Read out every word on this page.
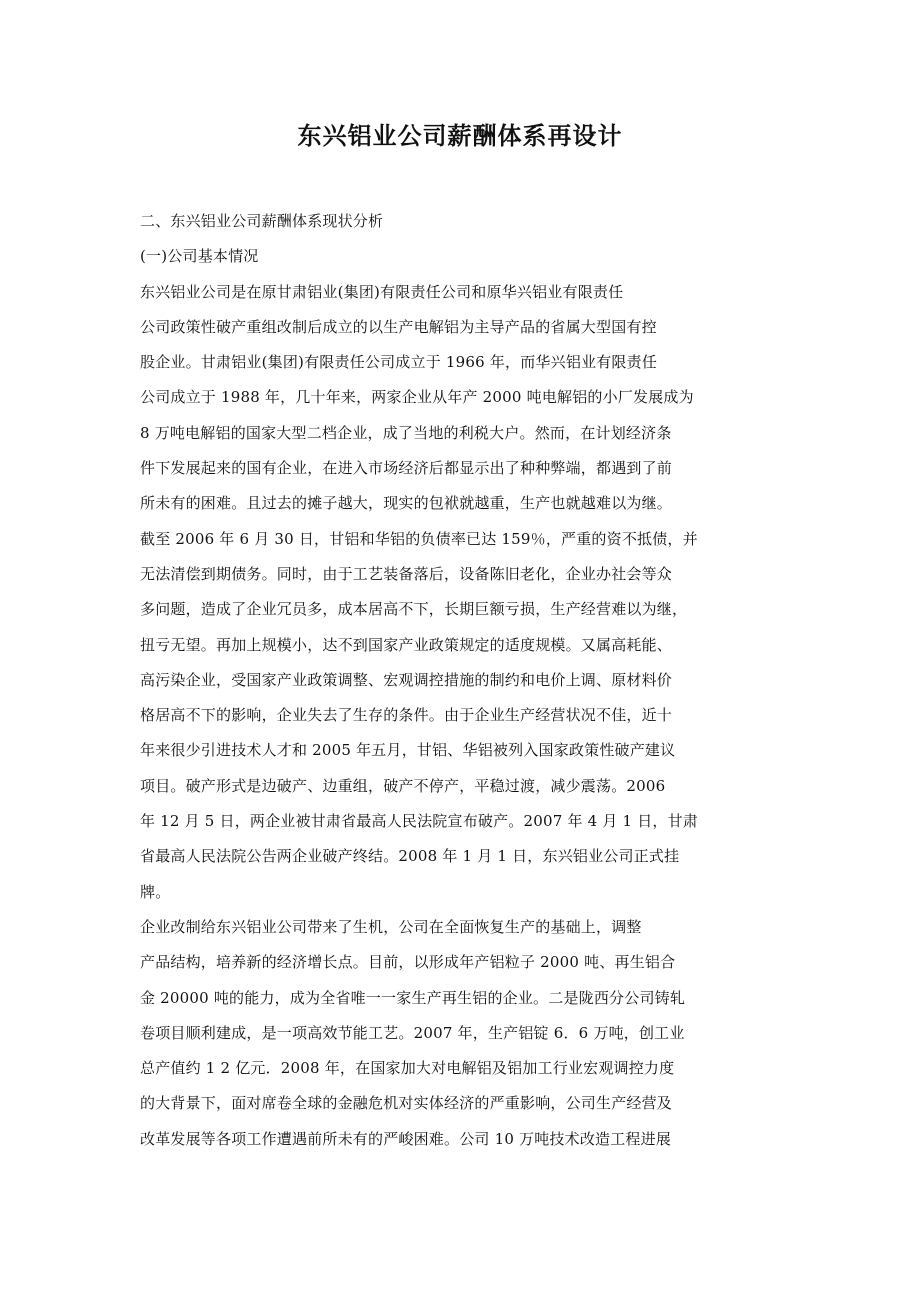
东兴铝业公司薪酬体系再设计
二、东兴铝业公司薪酬体系现状分析
(一)公司基本情况
东兴铝业公司是在原甘肃铝业(集团)有限责任公司和原华兴铝业有限责任
公司政策性破产重组改制后成立的以生产电解铝为主导产品的省属大型国有控
股企业。甘肃铝业(集团)有限责任公司成立于 1966 年，而华兴铝业有限责任
公司成立于 1988 年，几十年来，两家企业从年产 2000 吨电解铝的小厂发展成为
8 万吨电解铝的国家大型二档企业，成了当地的利税大户。然而，在计划经济条
件下发展起来的国有企业，在进入市场经济后都显示出了种种弊端，都遇到了前
所未有的困难。且过去的摊子越大，现实的包袱就越重，生产也就越难以为继。
截至 2006 年 6 月 30 日，甘铝和华铝的负债率已达 159％，严重的资不抵债，并
无法清偿到期债务。同时，由于工艺装备落后，设备陈旧老化，企业办社会等众
多问题，造成了企业冗员多，成本居高不下，长期巨额亏损，生产经营难以为继，
扭亏无望。再加上规模小，达不到国家产业政策规定的适度规模。又属高耗能、
高污染企业，受国家产业政策调整、宏观调控措施的制约和电价上调、原材料价
格居高不下的影响，企业失去了生存的条件。由于企业生产经营状况不佳，近十
年来很少引进技术人才和 2005 年五月，甘铝、华铝被列入国家政策性破产建议
项目。破产形式是边破产、边重组，破产不停产，平稳过渡，减少震荡。2006
年 12 月 5 日，两企业被甘肃省最高人民法院宣布破产。2007 年 4 月 1 日，甘肃
省最高人民法院公告两企业破产终结。2008 年 1 月 1 日，东兴铝业公司正式挂
牌。
企业改制给东兴铝业公司带来了生机，公司在全面恢复生产的基础上，调整
产品结构，培养新的经济增长点。目前，以形成年产铝粒子 2000 吨、再生铝合
金 20000 吨的能力，成为全省唯一一家生产再生铝的企业。二是陇西分公司铸轧
卷项目顺利建成，是一项高效节能工艺。2007 年，生产铝锭 6．6 万吨，创工业
总产值约 1 2 亿元．2008 年，在国家加大对电解铝及铝加工行业宏观调控力度
的大背景下，面对席卷全球的金融危机对实体经济的严重影响，公司生产经营及
改革发展等各项工作遭遇前所未有的严峻困难。公司 10 万吨技术改造工程进展
